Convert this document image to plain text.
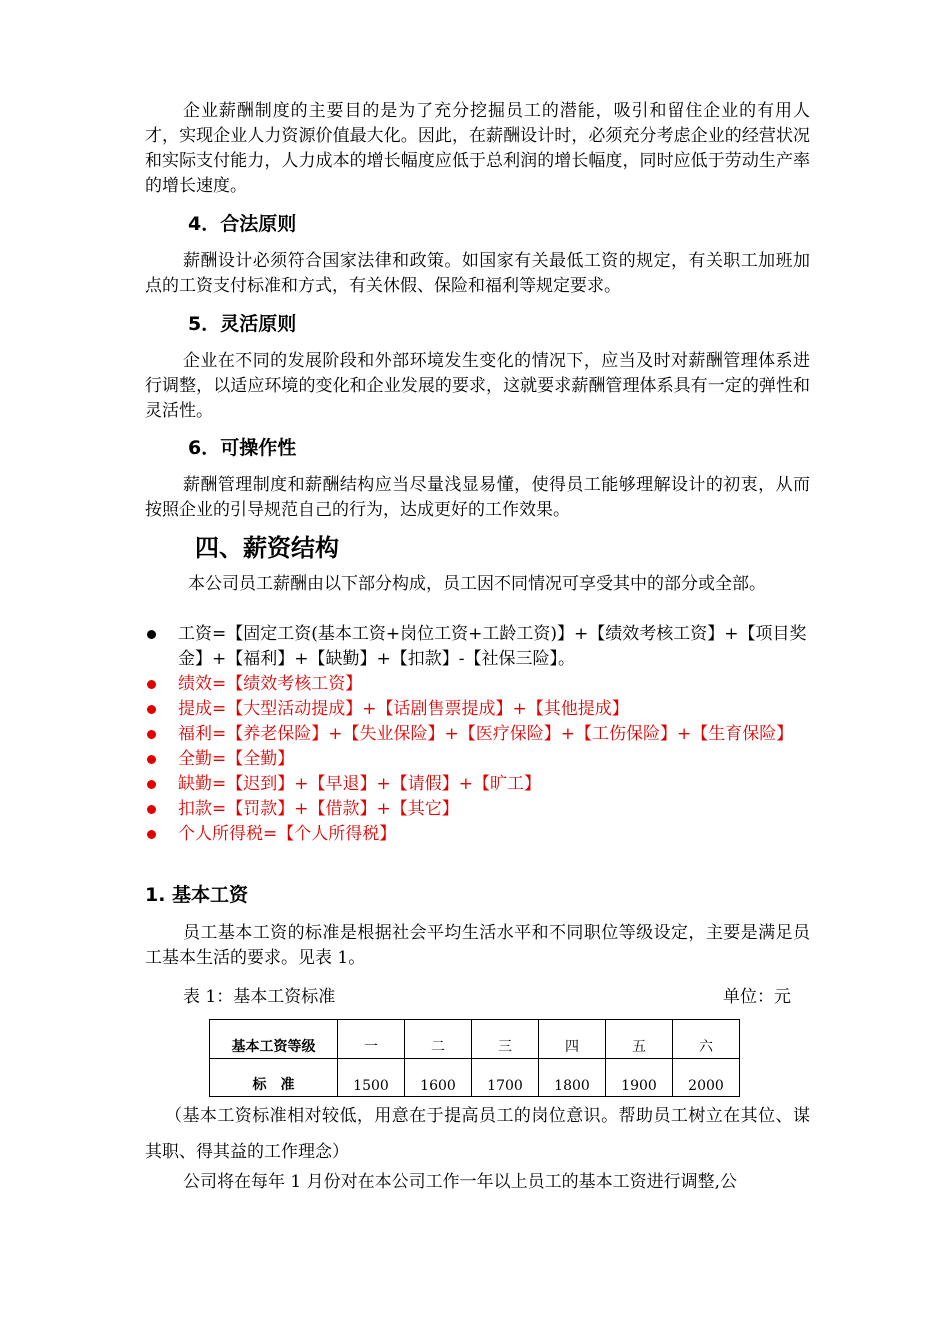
企业薪酬制度的主要目的是为了充分挖掘员工的潜能，吸引和留住企业的有用人才，实现企业人力资源价值最大化。因此，在薪酬设计时，必须充分考虑企业的经营状况和实际支付能力，人力成本的增长幅度应低于总利润的增长幅度，同时应低于劳动生产率的增长速度。

4．合法原则

薪酬设计必须符合国家法律和政策。如国家有关最低工资的规定，有关职工加班加点的工资支付标准和方式，有关休假、保险和福利等规定要求。

5．灵活原则

企业在不同的发展阶段和外部环境发生变化的情况下，应当及时对薪酬管理体系进行调整，以适应环境的变化和企业发展的要求，这就要求薪酬管理体系具有一定的弹性和灵活性。

6．可操作性

薪酬管理制度和薪酬结构应当尽量浅显易懂，使得员工能够理解设计的初衷，从而按照企业的引导规范自己的行为，达成更好的工作效果。

四、薪资结构

本公司员工薪酬由以下部分构成，员工因不同情况可享受其中的部分或全部。

工资=【固定工资(基本工资+岗位工资+工龄工资)】+【绩效考核工资】+【项目奖金】+【福利】+【缺勤】+【扣款】-【社保三险】。
绩效=【绩效考核工资】
提成=【大型活动提成】+【话剧售票提成】+【其他提成】
福利=【养老保险】+【失业保险】+【医疗保险】+【工伤保险】+【生育保险】
全勤=【全勤】
缺勤=【迟到】+【早退】+【请假】+【旷工】
扣款=【罚款】+【借款】+【其它】
个人所得税=【个人所得税】

1. 基本工资

员工基本工资的标准是根据社会平均生活水平和不同职位等级设定，主要是满足员工基本生活的要求。见表 1。

表 1：基本工资标准	单位：元

基本工资等级	一	二	三	四	五	六
标　准	1500	1600	1700	1800	1900	2000

（基本工资标准相对较低，用意在于提高员工的岗位意识。帮助员工树立在其位、谋其职、得其益的工作理念）

公司将在每年 1 月份对在本公司工作一年以上员工的基本工资进行调整,公
